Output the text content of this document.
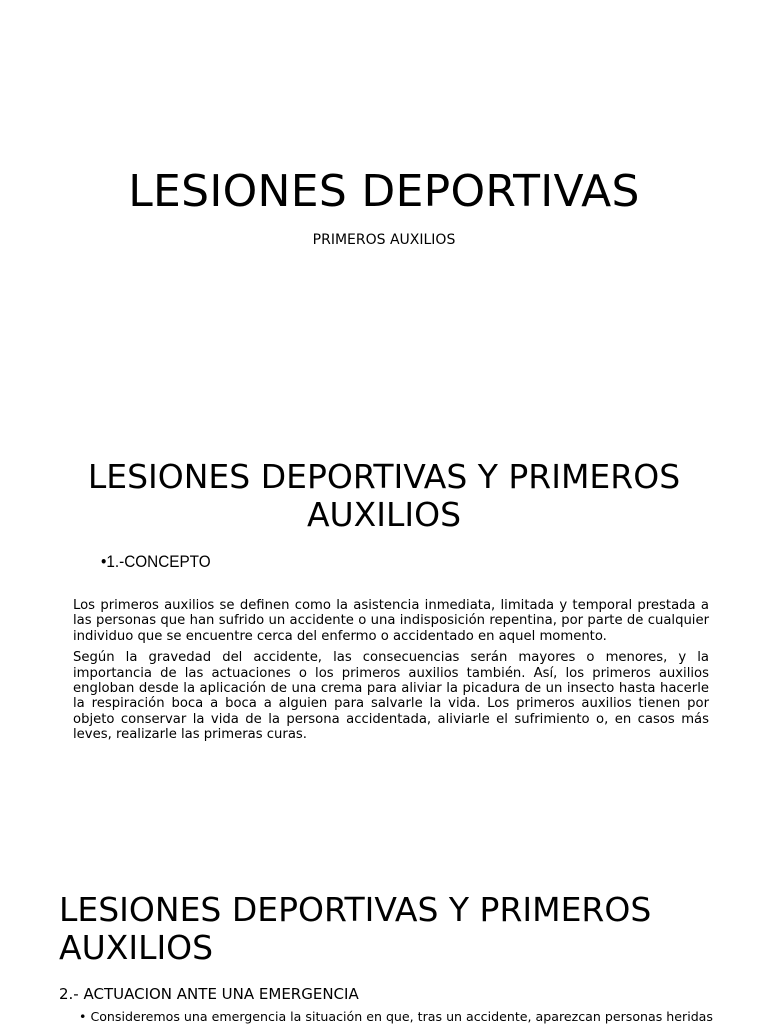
LESIONES DEPORTIVAS

PRIMEROS AUXILIOS

LESIONES DEPORTIVAS Y PRIMEROS AUXILIOS

•1.-CONCEPTO

Los primeros auxilios se definen como la asistencia inmediata, limitada y temporal prestada a las personas que han sufrido un accidente o una indisposición repentina, por parte de cualquier individuo que se encuentre cerca del enfermo o accidentado en aquel momento.

Según la gravedad del accidente, las consecuencias serán mayores o menores, y la importancia de las actuaciones o los primeros auxilios también. Así, los primeros auxilios engloban desde la aplicación de una crema para aliviar la picadura de un insecto hasta hacerle la respiración boca a boca a alguien para salvarle la vida. Los primeros auxilios tienen por objeto conservar la vida de la persona accidentada, aliviarle el sufrimiento o, en casos más leves, realizarle las primeras curas.

LESIONES DEPORTIVAS Y PRIMEROS AUXILIOS

2.- ACTUACION ANTE UNA EMERGENCIA

• Consideremos una emergencia la situación en que, tras un accidente, aparezcan personas heridas
